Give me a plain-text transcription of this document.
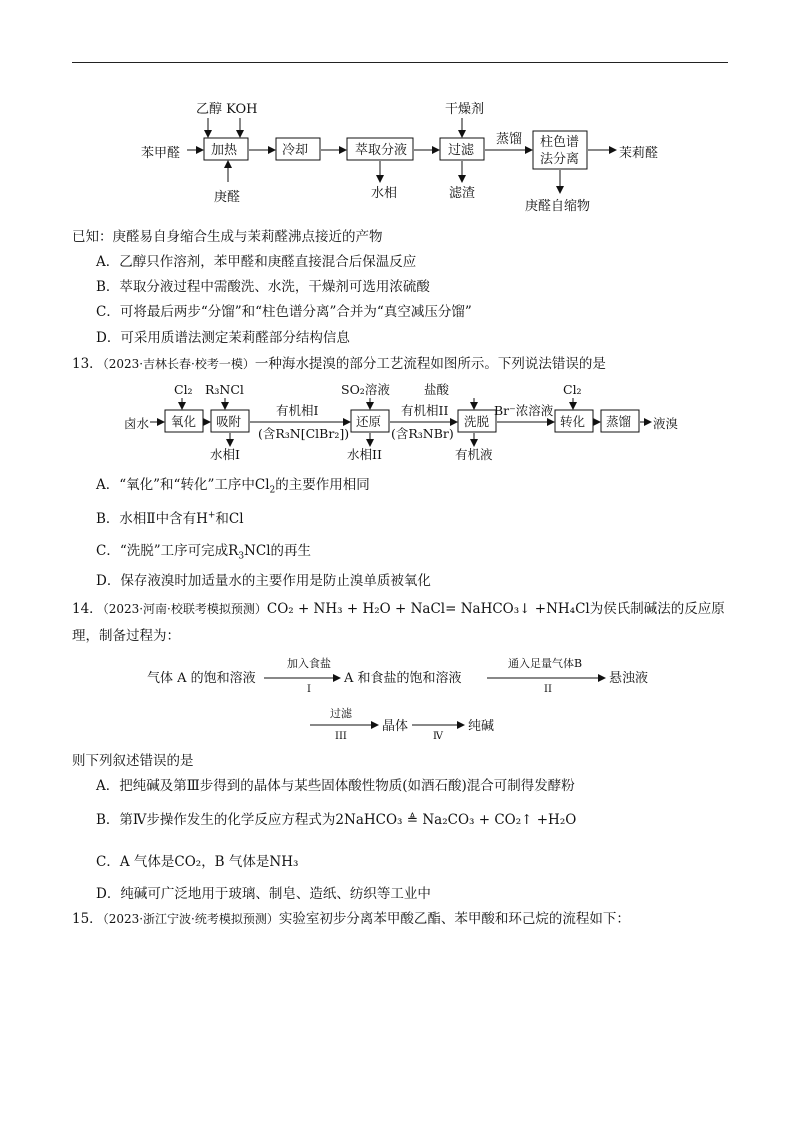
乙醇 KOH	干燥剂
苯甲醛 加热
庚醛
冷却	萃取分液
水相
过滤
滤渣
蒸馏 柱色谱
法分离	茉莉醛
庚醛自缩物
已知：庚醛易自身缩合生成与茉莉醛沸点接近的产物
A．乙醇只作溶剂，苯甲醛和庚醛直接混合后保温反应
B．萃取分液过程中需酸洗、水洗，干燥剂可选用浓硫酸
C．可将最后两步“分馏”和“柱色谱分离”合并为“真空减压分馏”
D．可采用质谱法测定茉莉醛部分结构信息
13．（2023·吉林长春·校考一模）一种海水提溴的部分工艺流程如图所示。下列说法错误的是
Cl₂ R₃NCl	SO₂溶液	盐酸	Cl₂
卤水 氧化 吸附
有机相I
(含R₃N[ClBr₂])
还原
有机相II
(含R₃NBr)
洗脱
Br⁻浓溶液
转化 蒸馏 液溴
水相I	水相II	有机液
A．“氧化”和“转化”工序中$Cl_2$的主要作用相同
B．水相Ⅱ中含有H+和Cl
C．“洗脱”工序可完成$R_3NCl$的再生
D．保存液溴时加适量水的主要作用是防止溴单质被氧化
14．（2023·河南·校联考模拟预测）CO₂ + NH₃ + H₂O + NaCl= NaHCO₃↓ +NH₄Cl为侯氏制碱法的反应原
理，制备过程为：
气体 A 的饱和溶液
加入食盐
I
A 和食盐的饱和溶液
通入足量气体B
II
悬浊液
过滤
III
晶体
Ⅳ
纯碱
则下列叙述错误的是
A．把纯碱及第Ⅲ步得到的晶体与某些固体酸性物质(如酒石酸)混合可制得发酵粉
B．第Ⅳ步操作发生的化学反应方程式为2NaHCO₃ ≜ Na₂CO₃ + CO₂↑ +H₂O
C．A 气体是CO₂，B 气体是NH₃
D．纯碱可广泛地用于玻璃、制皂、造纸、纺织等工业中
15．（2023·浙江宁波·统考模拟预测）实验室初步分离苯甲酸乙酯、苯甲酸和环己烷的流程如下：
